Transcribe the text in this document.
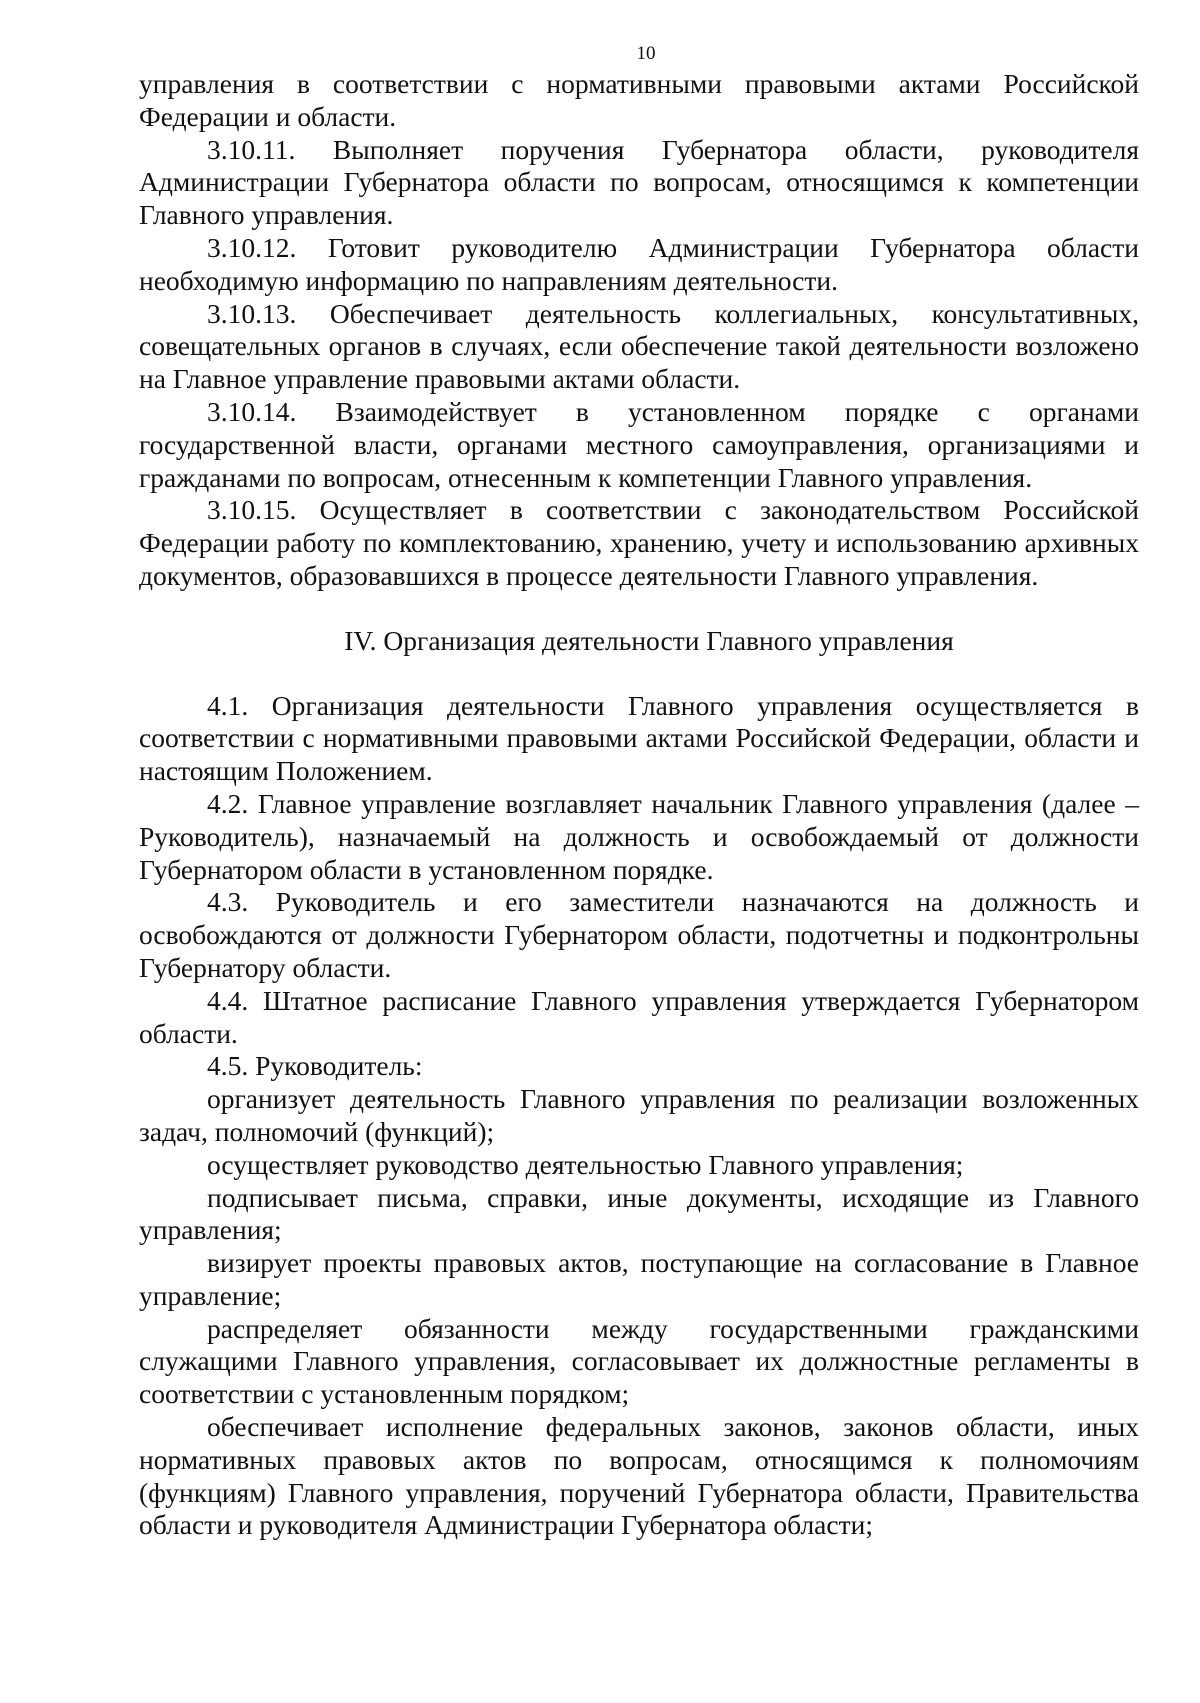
10

управления в соответствии с нормативными правовыми актами Российской Федерации и области.

3.10.11. Выполняет поручения Губернатора области, руководителя Администрации Губернатора области по вопросам, относящимся к компетенции Главного управления.

3.10.12. Готовит руководителю Администрации Губернатора области необходимую информацию по направлениям деятельности.

3.10.13. Обеспечивает деятельность коллегиальных, консультативных, совещательных органов в случаях, если обеспечение такой деятельности возложено на Главное управление правовыми актами области.

3.10.14. Взаимодействует в установленном порядке с органами государственной власти, органами местного самоуправления, организациями и гражданами по вопросам, отнесенным к компетенции Главного управления.

3.10.15. Осуществляет в соответствии с законодательством Российской Федерации работу по комплектованию, хранению, учету и использованию архивных документов, образовавшихся в процессе деятельности Главного управления.

IV. Организация деятельности Главного управления

4.1. Организация деятельности Главного управления осуществляется в соответствии с нормативными правовыми актами Российской Федерации, области и настоящим Положением.

4.2. Главное управление возглавляет начальник Главного управления (далее – Руководитель), назначаемый на должность и освобождаемый от должности Губернатором области в установленном порядке.

4.3. Руководитель и его заместители назначаются на должность и освобождаются от должности Губернатором области, подотчетны и подконтрольны Губернатору области.

4.4. Штатное расписание Главного управления утверждается Губернатором области.

4.5. Руководитель:

организует деятельность Главного управления по реализации возложенных задач, полномочий (функций);

осуществляет руководство деятельностью Главного управления;

подписывает письма, справки, иные документы, исходящие из Главного управления;

визирует проекты правовых актов, поступающие на согласование в Главное управление;

распределяет обязанности между государственными гражданскими служащими Главного управления, согласовывает их должностные регламенты в соответствии с установленным порядком;

обеспечивает исполнение федеральных законов, законов области, иных нормативных правовых актов по вопросам, относящимся к полномочиям (функциям) Главного управления, поручений Губернатора области, Правительства области и руководителя Администрации Губернатора области;
